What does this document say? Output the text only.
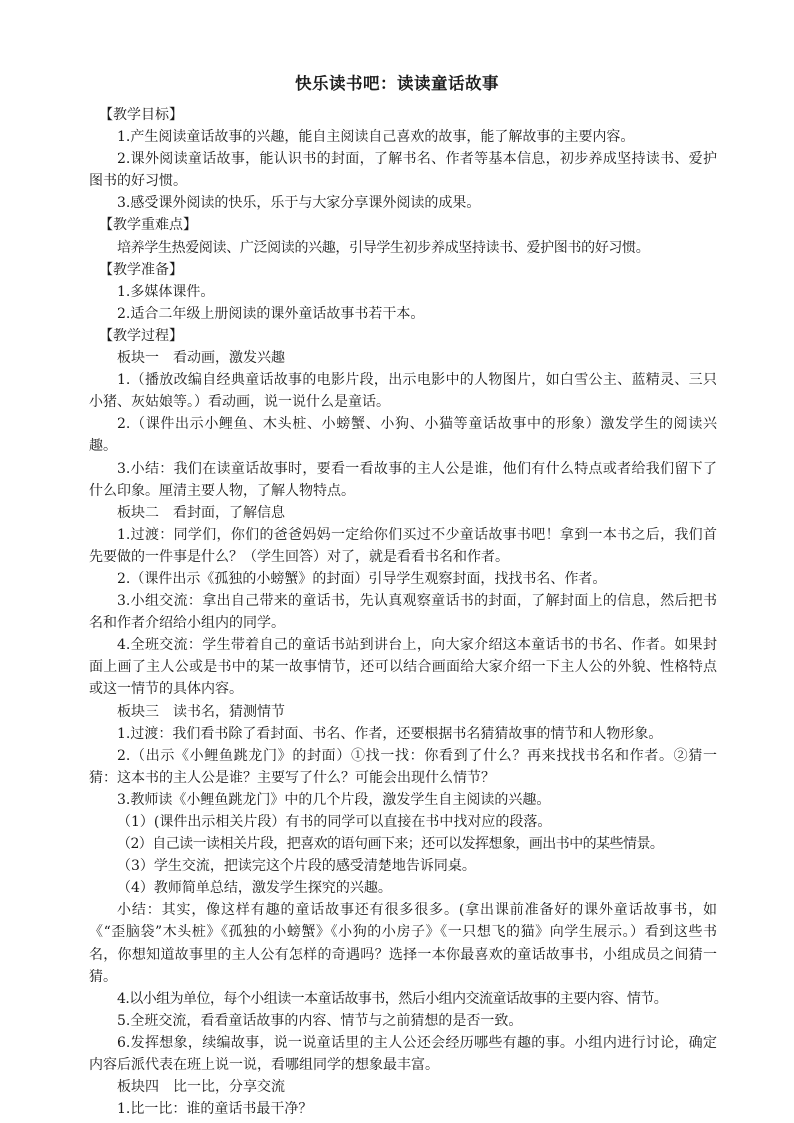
快乐读书吧：读读童话故事

【教学目标】

1.产生阅读童话故事的兴趣，能自主阅读自己喜欢的故事，能了解故事的主要内容。

2.课外阅读童话故事，能认识书的封面，了解书名、作者等基本信息，初步养成坚持读书、爱护图书的好习惯。

3.感受课外阅读的快乐，乐于与大家分享课外阅读的成果。

【教学重难点】

培养学生热爱阅读、广泛阅读的兴趣，引导学生初步养成坚持读书、爱护图书的好习惯。

【教学准备】

1.多媒体课件。

2.适合二年级上册阅读的课外童话故事书若干本。

【教学过程】

板块一　看动画，激发兴趣

1.（播放改编自经典童话故事的电影片段，出示电影中的人物图片，如白雪公主、蓝精灵、三只小猪、灰姑娘等。）看动画，说一说什么是童话。

2.（课件出示小鲤鱼、木头桩、小螃蟹、小狗、小猫等童话故事中的形象）激发学生的阅读兴趣。

3.小结：我们在读童话故事时，要看一看故事的主人公是谁，他们有什么特点或者给我们留下了什么印象。厘清主要人物，了解人物特点。

板块二　看封面，了解信息

1.过渡：同学们，你们的爸爸妈妈一定给你们买过不少童话故事书吧！拿到一本书之后，我们首先要做的一件事是什么？（学生回答）对了，就是看看书名和作者。

2.（课件出示《孤独的小螃蟹》的封面）引导学生观察封面，找找书名、作者。

3.小组交流：拿出自己带来的童话书，先认真观察童话书的封面，了解封面上的信息，然后把书名和作者介绍给小组内的同学。

4.全班交流：学生带着自己的童话书站到讲台上，向大家介绍这本童话书的书名、作者。如果封面上画了主人公或是书中的某一故事情节，还可以结合画面给大家介绍一下主人公的外貌、性格特点或这一情节的具体内容。

板块三　读书名，猜测情节

1.过渡：我们看书除了看封面、书名、作者，还要根据书名猜猜故事的情节和人物形象。

2.（出示《小鲤鱼跳龙门》的封面）①找一找：你看到了什么？再来找找书名和作者。②猜一猜：这本书的主人公是谁？主要写了什么？可能会出现什么情节？

3.教师读《小鲤鱼跳龙门》中的几个片段，激发学生自主阅读的兴趣。

（1）(课件出示相关片段）有书的同学可以直接在书中找对应的段落。

（2）自己读一读相关片段，把喜欢的语句画下来；还可以发挥想象，画出书中的某些情景。

（3）学生交流，把读完这个片段的感受清楚地告诉同桌。

（4）教师简单总结，激发学生探究的兴趣。

小结：其实，像这样有趣的童话故事还有很多很多。(拿出课前准备好的课外童话故事书，如《“歪脑袋”木头桩》《孤独的小螃蟹》《小狗的小房子》《一只想飞的猫》向学生展示。）看到这些书名，你想知道故事里的主人公有怎样的奇遇吗？选择一本你最喜欢的童话故事书，小组成员之间猜一猜。

4.以小组为单位，每个小组读一本童话故事书，然后小组内交流童话故事的主要内容、情节。

5.全班交流，看看童话故事的内容、情节与之前猜想的是否一致。

6.发挥想象，续编故事，说一说童话里的主人公还会经历哪些有趣的事。小组内进行讨论，确定内容后派代表在班上说一说，看哪组同学的想象最丰富。

板块四　比一比，分享交流

1.比一比：谁的童话书最干净？
